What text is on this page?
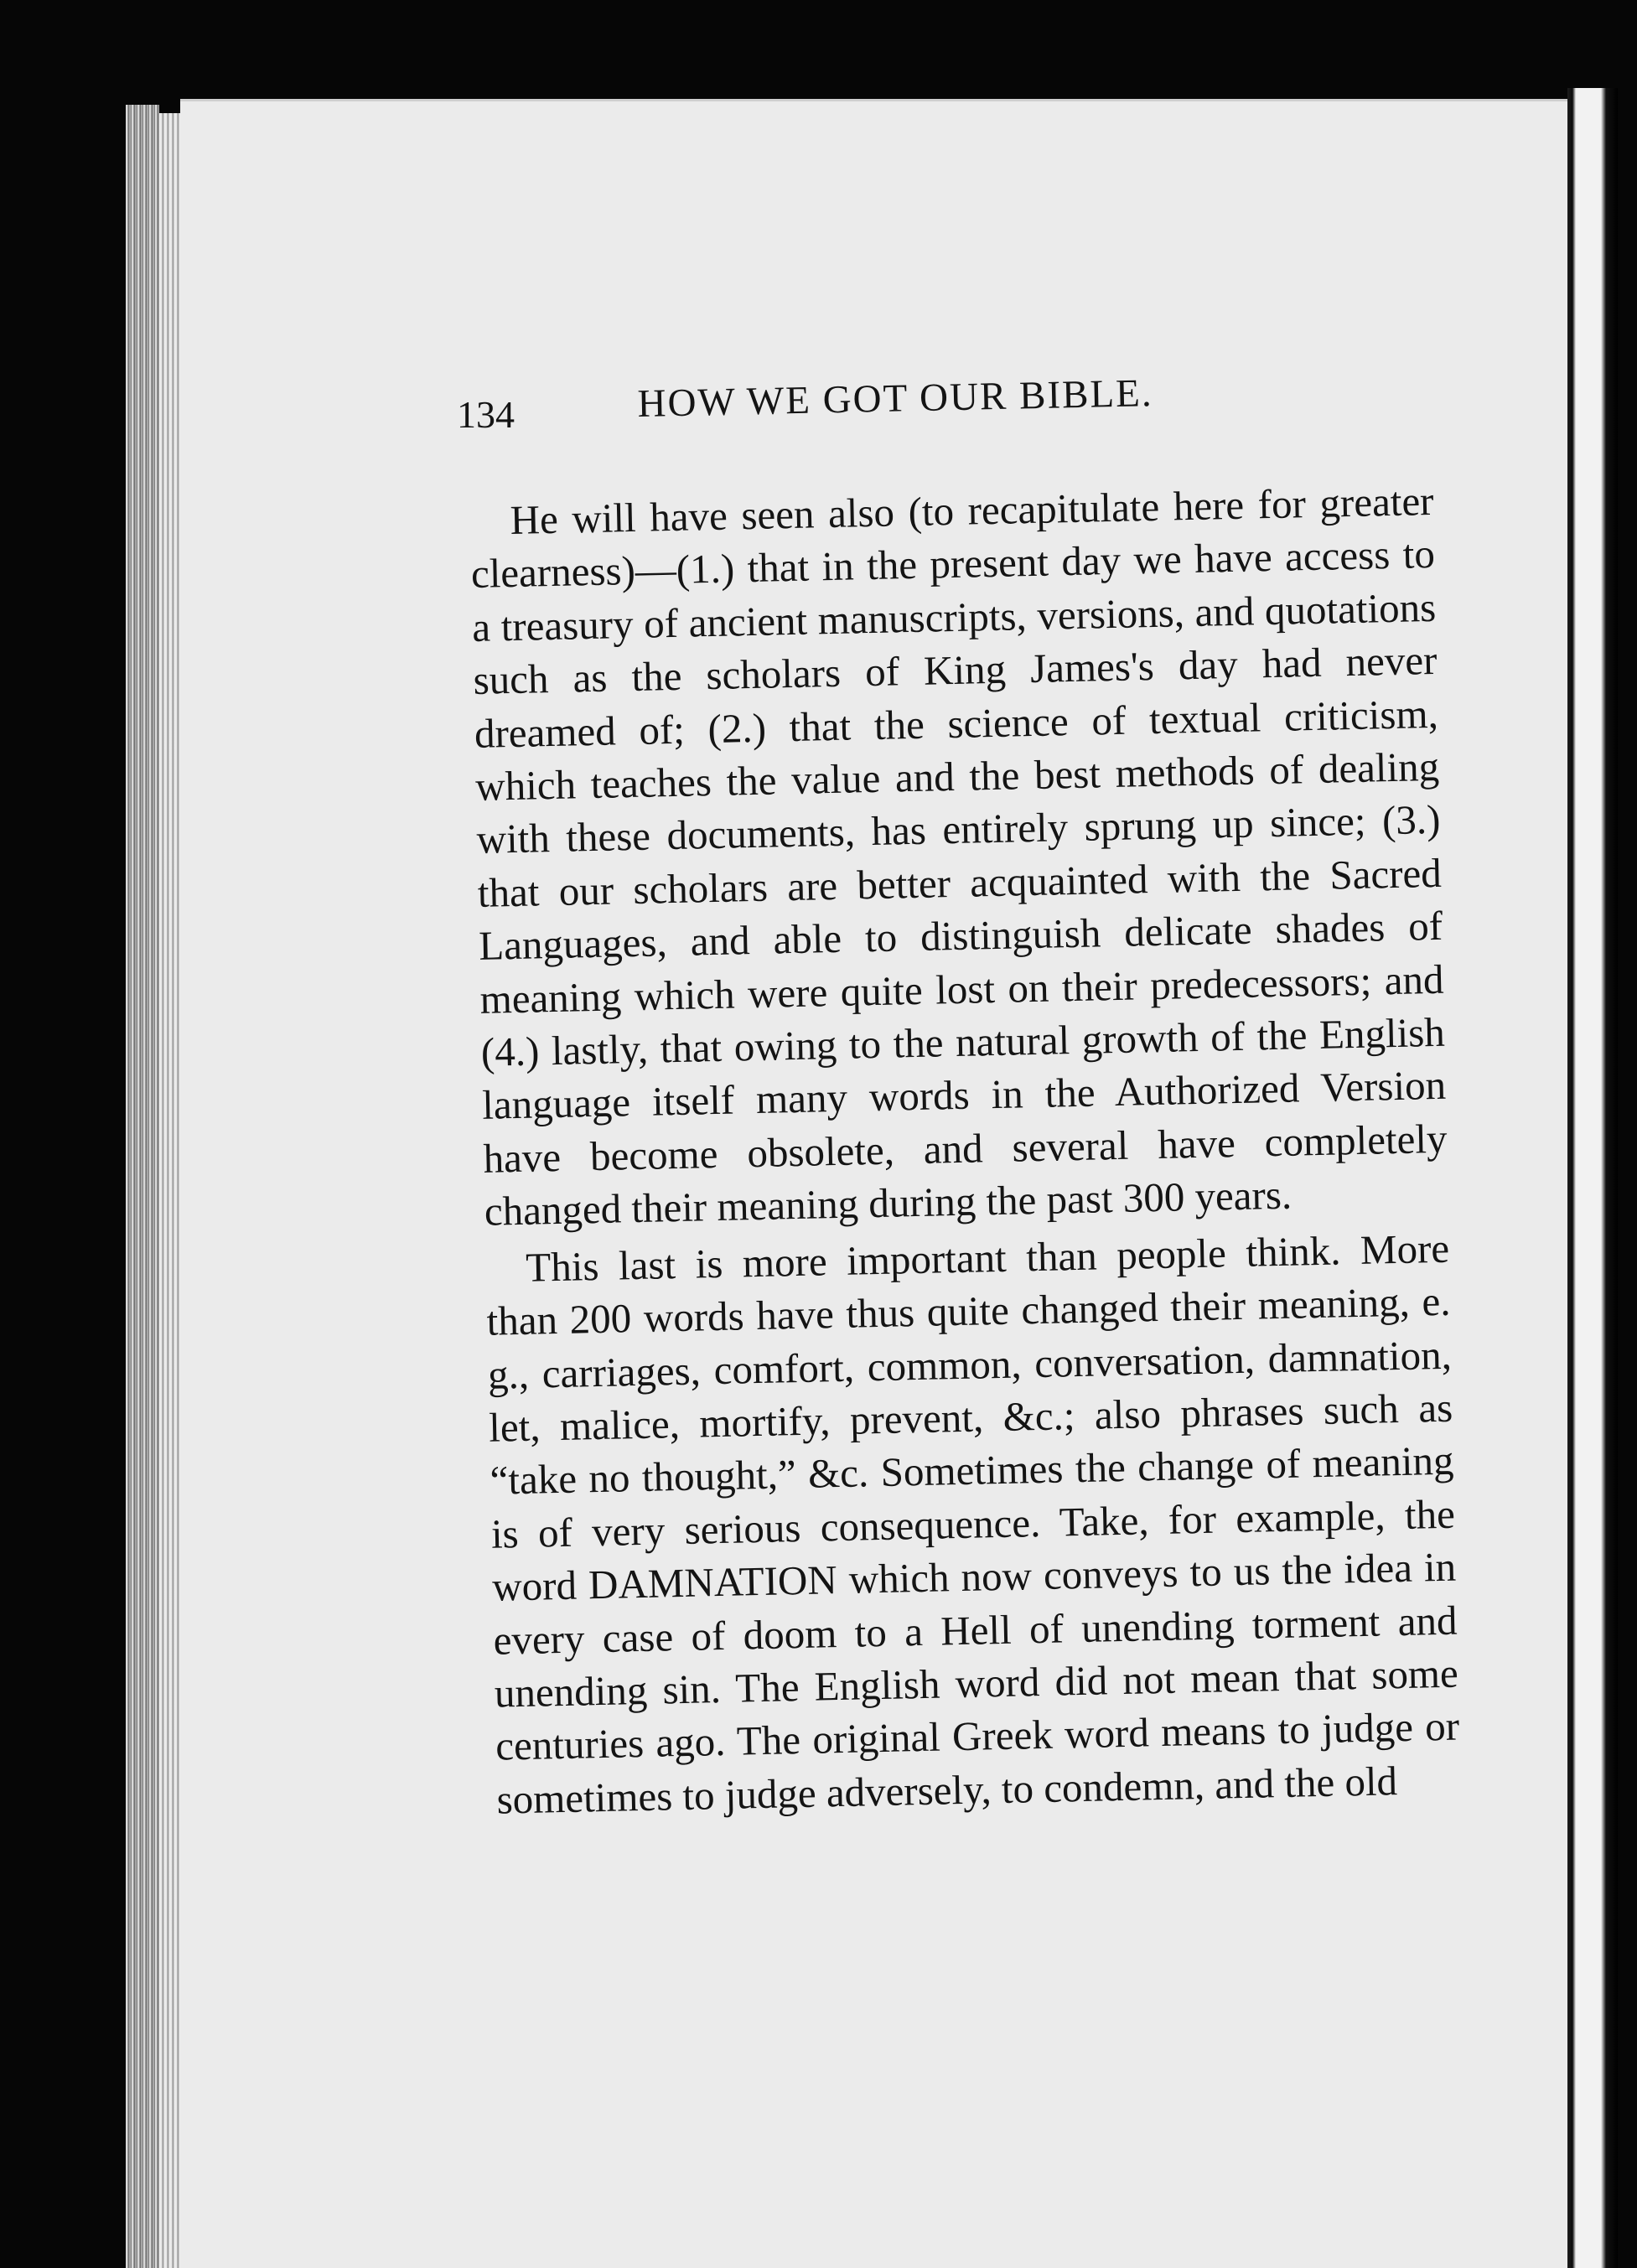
134	HOW WE GOT OUR BIBLE.

He will have seen also (to recapitulate here for greater clearness)—(1.) that in the present day we have access to a treasury of ancient manuscripts, versions, and quotations such as the scholars of King James's day had never dreamed of; (2.) that the science of textual criticism, which teaches the value and the best methods of dealing with these documents, has entirely sprung up since; (3.) that our scholars are better acquainted with the Sacred Languages, and able to distinguish delicate shades of meaning which were quite lost on their predecessors; and (4.) lastly, that owing to the natural growth of the English language itself many words in the Authorized Version have become obsolete, and several have completely changed their meaning during the past 300 years.

This last is more important than people think. More than 200 words have thus quite changed their meaning, e. g., carriages, comfort, common, conversation, damnation, let, malice, mortify, prevent, &c.; also phrases such as “take no thought,” &c. Sometimes the change of meaning is of very serious consequence. Take, for example, the word DAMNATION which now conveys to us the idea in every case of doom to a Hell of unending torment and unending sin. The English word did not mean that some centuries ago. The original Greek word means to judge or sometimes to judge adversely, to condemn, and the old
